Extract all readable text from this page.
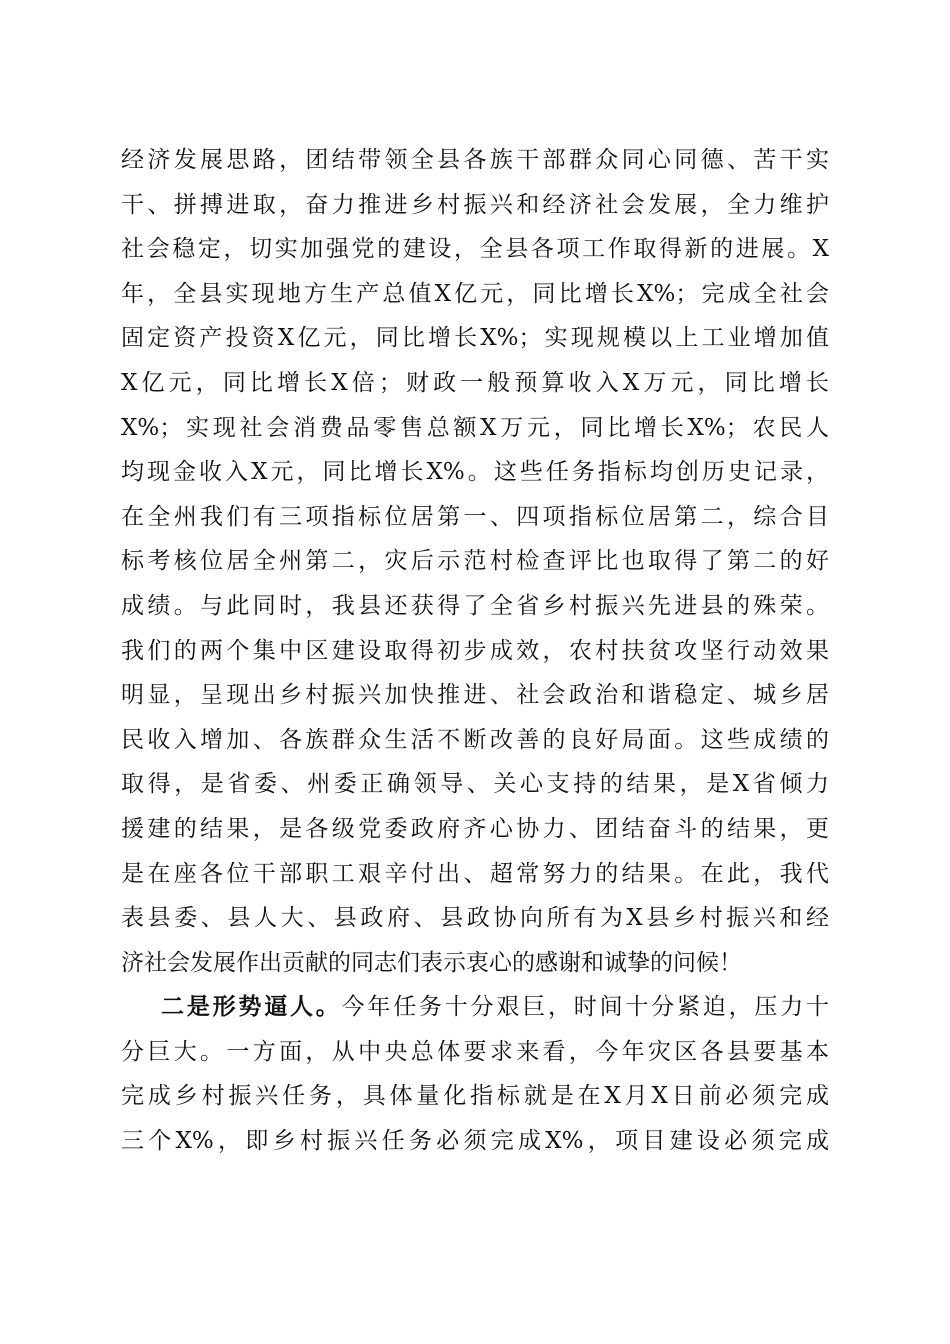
经济发展思路，团结带领全县各族干部群众同心同德、苦干实
干、拼搏进取，奋力推进乡村振兴和经济社会发展，全力维护
社会稳定，切实加强党的建设，全县各项工作取得新的进展。X
年，全县实现地方生产总值X亿元，同比增长X%；完成全社会
固定资产投资X亿元，同比增长X%；实现规模以上工业增加值
X亿元，同比增长X倍；财政一般预算收入X万元，同比增长
X%；实现社会消费品零售总额X万元，同比增长X%；农民人
均现金收入X元，同比增长X%。这些任务指标均创历史记录，
在全州我们有三项指标位居第一、四项指标位居第二，综合目
标考核位居全州第二，灾后示范村检查评比也取得了第二的好
成绩。与此同时，我县还获得了全省乡村振兴先进县的殊荣。
我们的两个集中区建设取得初步成效，农村扶贫攻坚行动效果
明显，呈现出乡村振兴加快推进、社会政治和谐稳定、城乡居
民收入增加、各族群众生活不断改善的良好局面。这些成绩的
取得，是省委、州委正确领导、关心支持的结果，是X省倾力
援建的结果，是各级党委政府齐心协力、团结奋斗的结果，更
是在座各位干部职工艰辛付出、超常努力的结果。在此，我代
表县委、县人大、县政府、县政协向所有为X县乡村振兴和经
济社会发展作出贡献的同志们表示衷心的感谢和诚挚的问候！
二是形势逼人。今年任务十分艰巨，时间十分紧迫，压力十
分巨大。一方面，从中央总体要求来看，今年灾区各县要基本
完成乡村振兴任务，具体量化指标就是在X月X日前必须完成
三个X%，即乡村振兴任务必须完成X%，项目建设必须完成
